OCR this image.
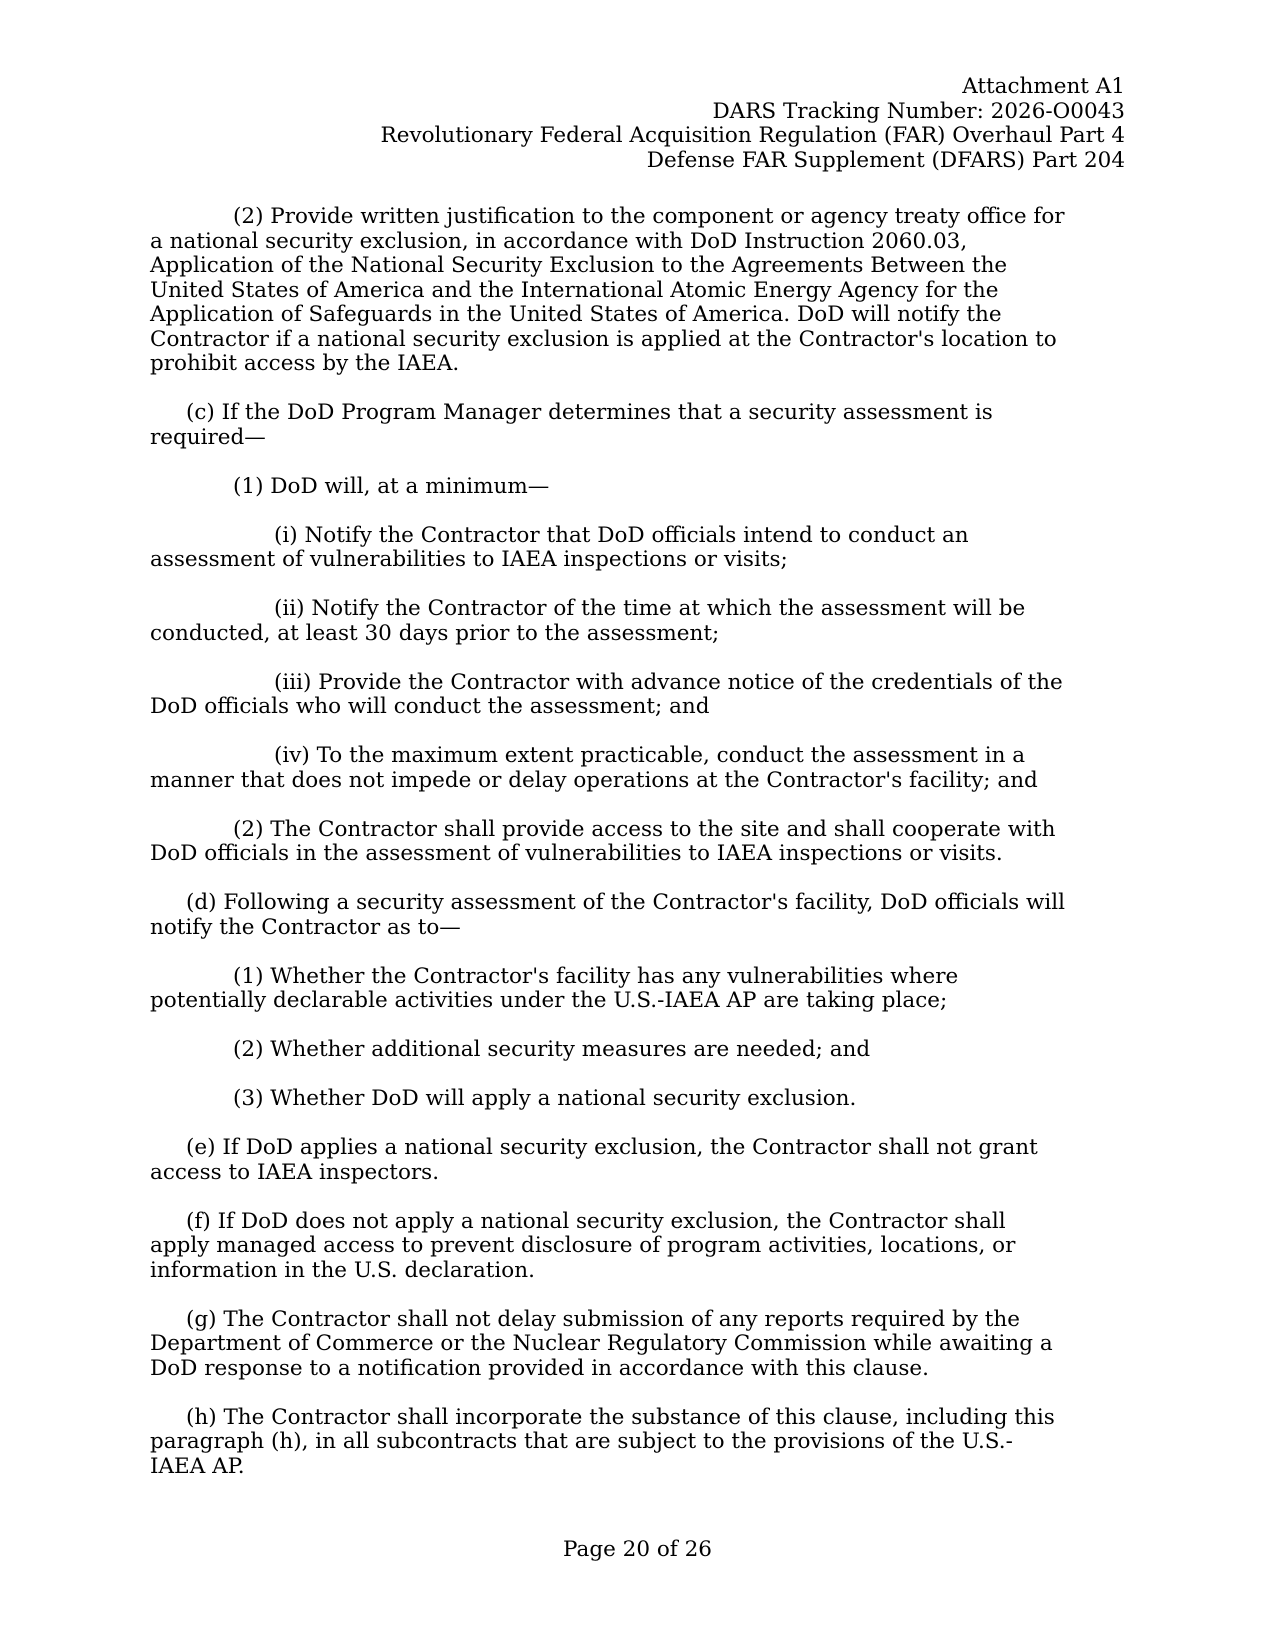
Attachment A1
DARS Tracking Number: 2026-O0043
Revolutionary Federal Acquisition Regulation (FAR) Overhaul Part 4
Defense FAR Supplement (DFARS) Part 204
(2) Provide written justification to the component or agency treaty office for
a national security exclusion, in accordance with DoD Instruction 2060.03,
Application of the National Security Exclusion to the Agreements Between the
United States of America and the International Atomic Energy Agency for the
Application of Safeguards in the United States of America. DoD will notify the
Contractor if a national security exclusion is applied at the Contractor's location to
prohibit access by the IAEA.
(c) If the DoD Program Manager determines that a security assessment is
required—
(1) DoD will, at a minimum—
(i) Notify the Contractor that DoD officials intend to conduct an
assessment of vulnerabilities to IAEA inspections or visits;
(ii) Notify the Contractor of the time at which the assessment will be
conducted, at least 30 days prior to the assessment;
(iii) Provide the Contractor with advance notice of the credentials of the
DoD officials who will conduct the assessment; and
(iv) To the maximum extent practicable, conduct the assessment in a
manner that does not impede or delay operations at the Contractor's facility; and
(2) The Contractor shall provide access to the site and shall cooperate with
DoD officials in the assessment of vulnerabilities to IAEA inspections or visits.
(d) Following a security assessment of the Contractor's facility, DoD officials will
notify the Contractor as to—
(1) Whether the Contractor's facility has any vulnerabilities where
potentially declarable activities under the U.S.-IAEA AP are taking place;
(2) Whether additional security measures are needed; and
(3) Whether DoD will apply a national security exclusion.
(e) If DoD applies a national security exclusion, the Contractor shall not grant
access to IAEA inspectors.
(f) If DoD does not apply a national security exclusion, the Contractor shall
apply managed access to prevent disclosure of program activities, locations, or
information in the U.S. declaration.
(g) The Contractor shall not delay submission of any reports required by the
Department of Commerce or the Nuclear Regulatory Commission while awaiting a
DoD response to a notification provided in accordance with this clause.
(h) The Contractor shall incorporate the substance of this clause, including this
paragraph (h), in all subcontracts that are subject to the provisions of the U.S.-
IAEA AP.
Page 20 of 26
